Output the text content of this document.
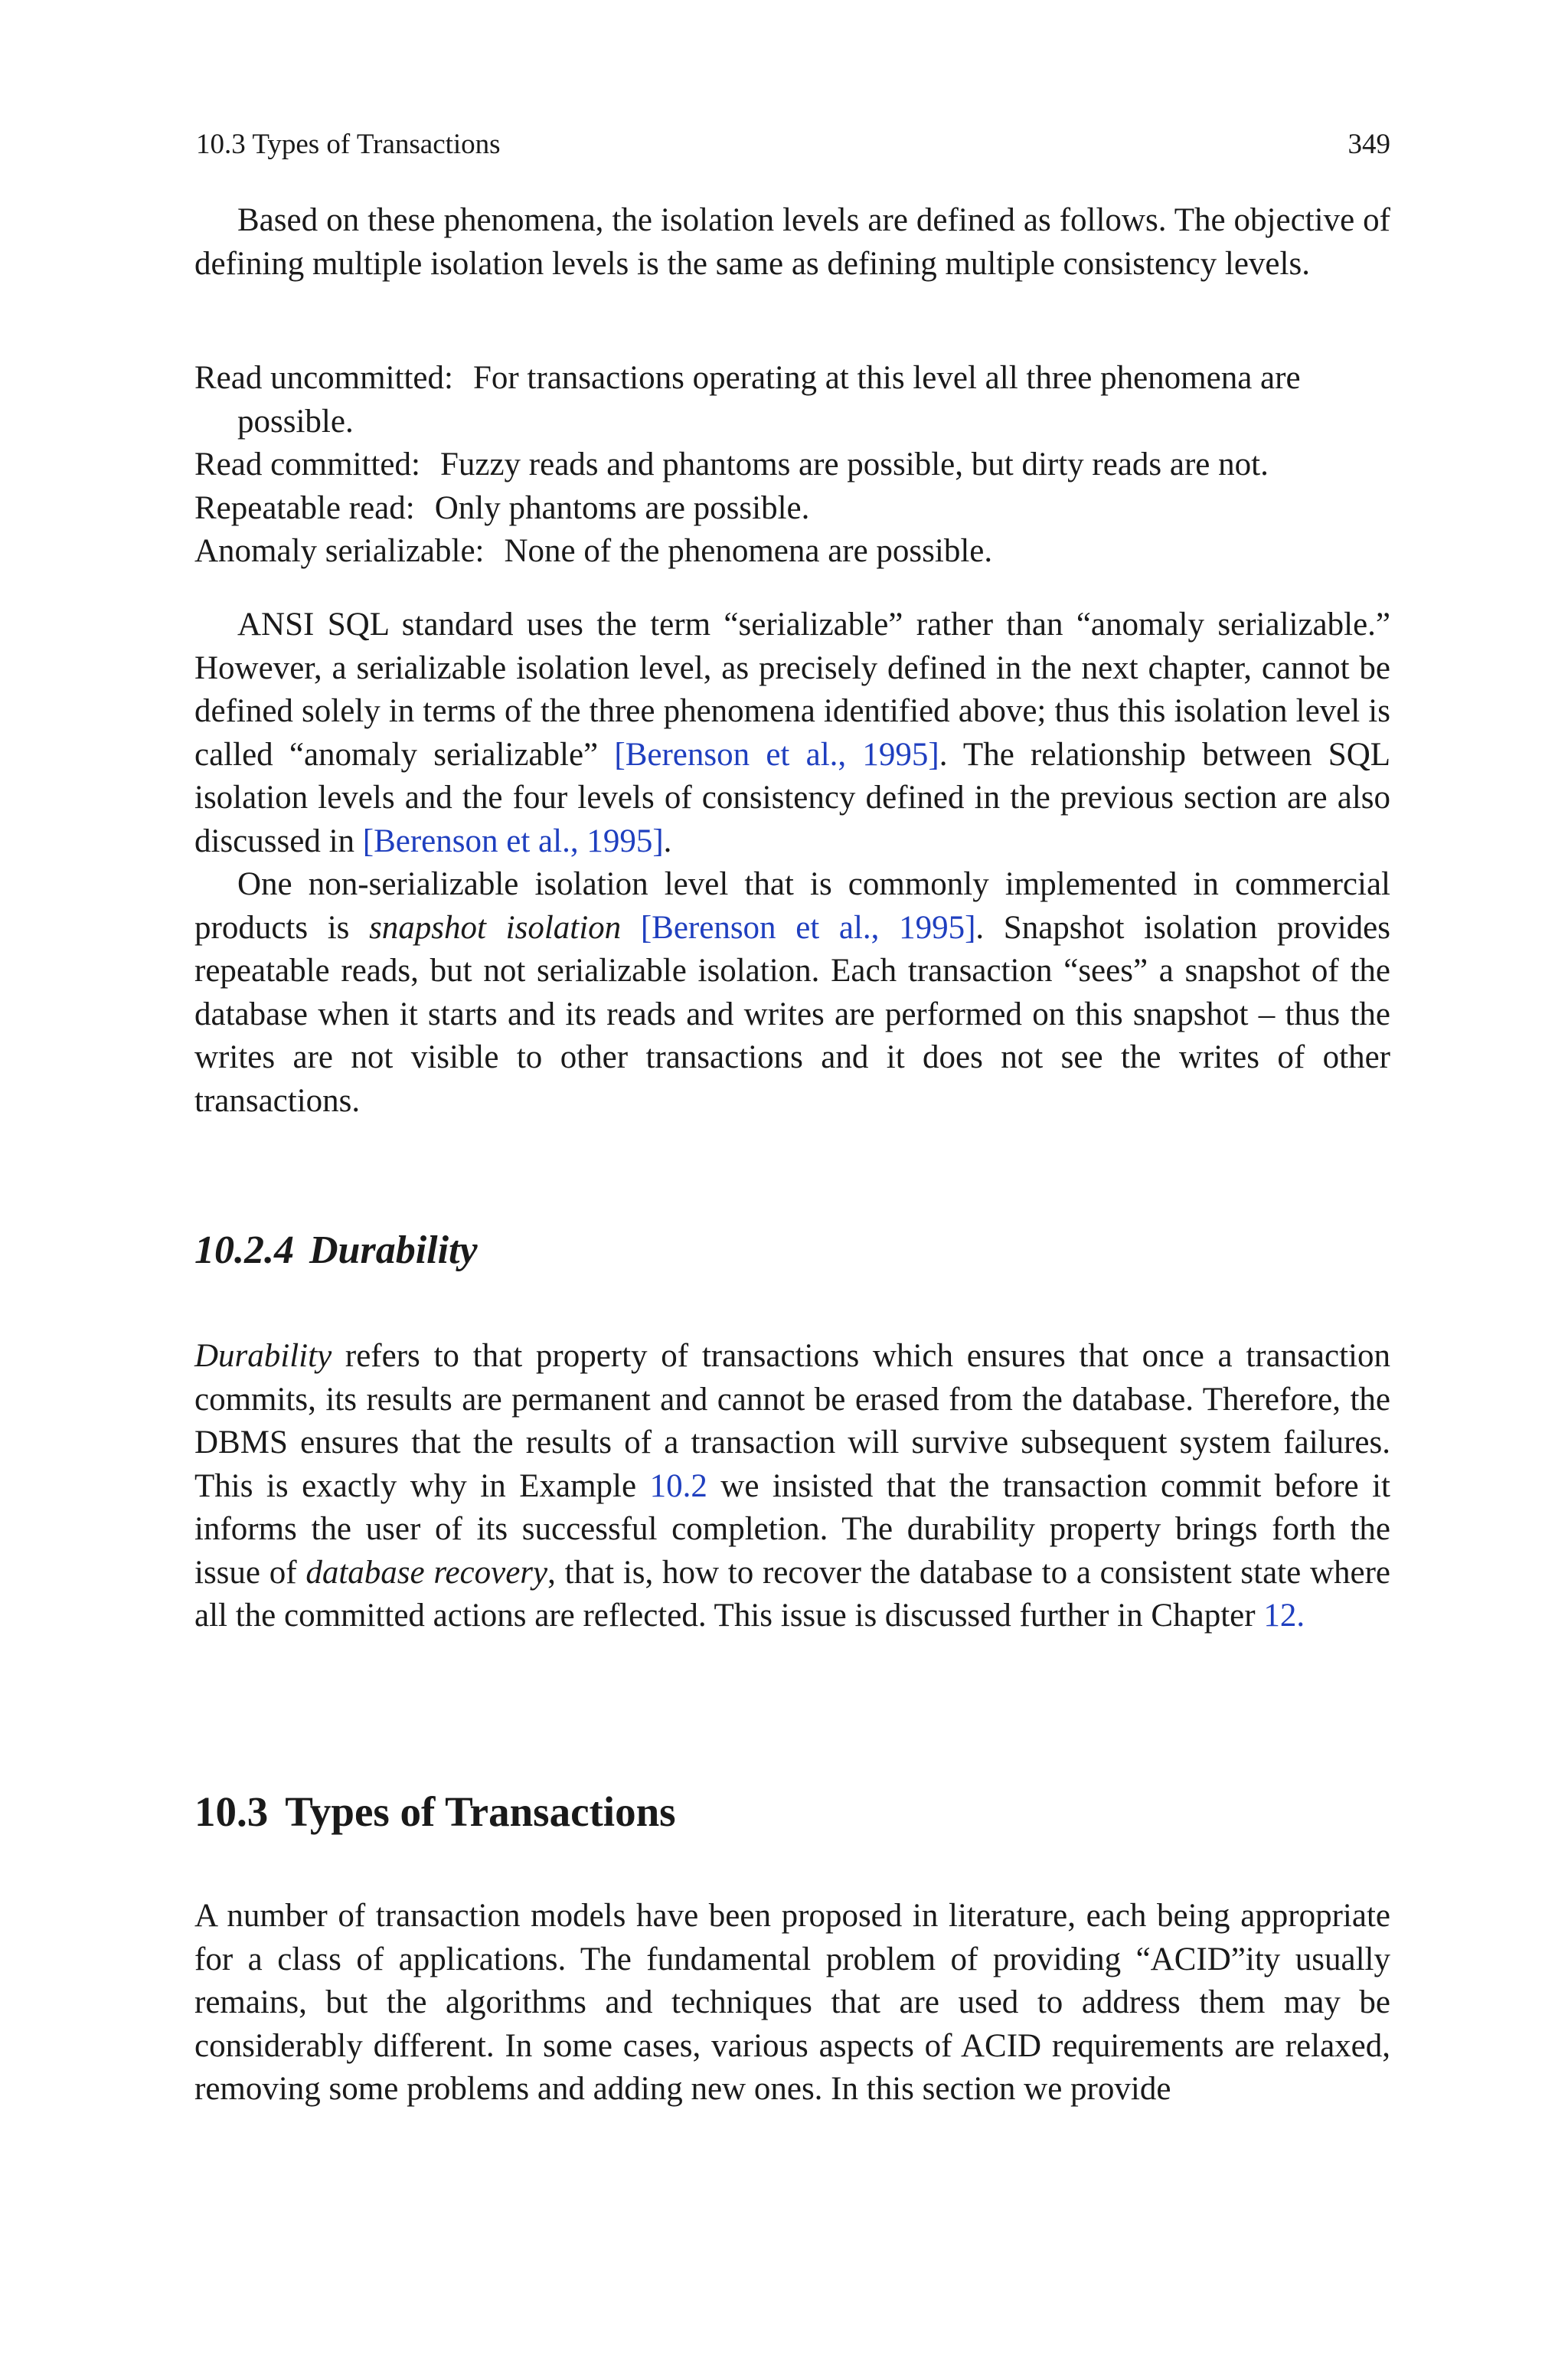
10.3 Types of Transactions	349

Based on these phenomena, the isolation levels are defined as follows. The objective of defining multiple isolation levels is the same as defining multiple consistency levels.

Read uncommitted: For transactions operating at this level all three phenomena are possible.

Read committed: Fuzzy reads and phantoms are possible, but dirty reads are not.

Repeatable read: Only phantoms are possible.

Anomaly serializable: None of the phenomena are possible.

ANSI SQL standard uses the term “serializable” rather than “anomaly serializable.” However, a serializable isolation level, as precisely defined in the next chapter, cannot be defined solely in terms of the three phenomena identified above; thus this isolation level is called “anomaly serializable” [Berenson et al., 1995]. The relationship between SQL isolation levels and the four levels of consistency defined in the previous section are also discussed in [Berenson et al., 1995].

One non-serializable isolation level that is commonly implemented in commercial products is snapshot isolation [Berenson et al., 1995]. Snapshot isolation provides repeatable reads, but not serializable isolation. Each transaction “sees” a snapshot of the database when it starts and its reads and writes are performed on this snapshot – thus the writes are not visible to other transactions and it does not see the writes of other transactions.

10.2.4 Durability

Durability refers to that property of transactions which ensures that once a transaction commits, its results are permanent and cannot be erased from the database. Therefore, the DBMS ensures that the results of a transaction will survive subsequent system failures. This is exactly why in Example 10.2 we insisted that the transaction commit before it informs the user of its successful completion. The durability property brings forth the issue of database recovery, that is, how to recover the database to a consistent state where all the committed actions are reflected. This issue is discussed further in Chapter 12.

10.3 Types of Transactions

A number of transaction models have been proposed in literature, each being appropriate for a class of applications. The fundamental problem of providing “ACID”ity usually remains, but the algorithms and techniques that are used to address them may be considerably different. In some cases, various aspects of ACID requirements are relaxed, removing some problems and adding new ones. In this section we provide
